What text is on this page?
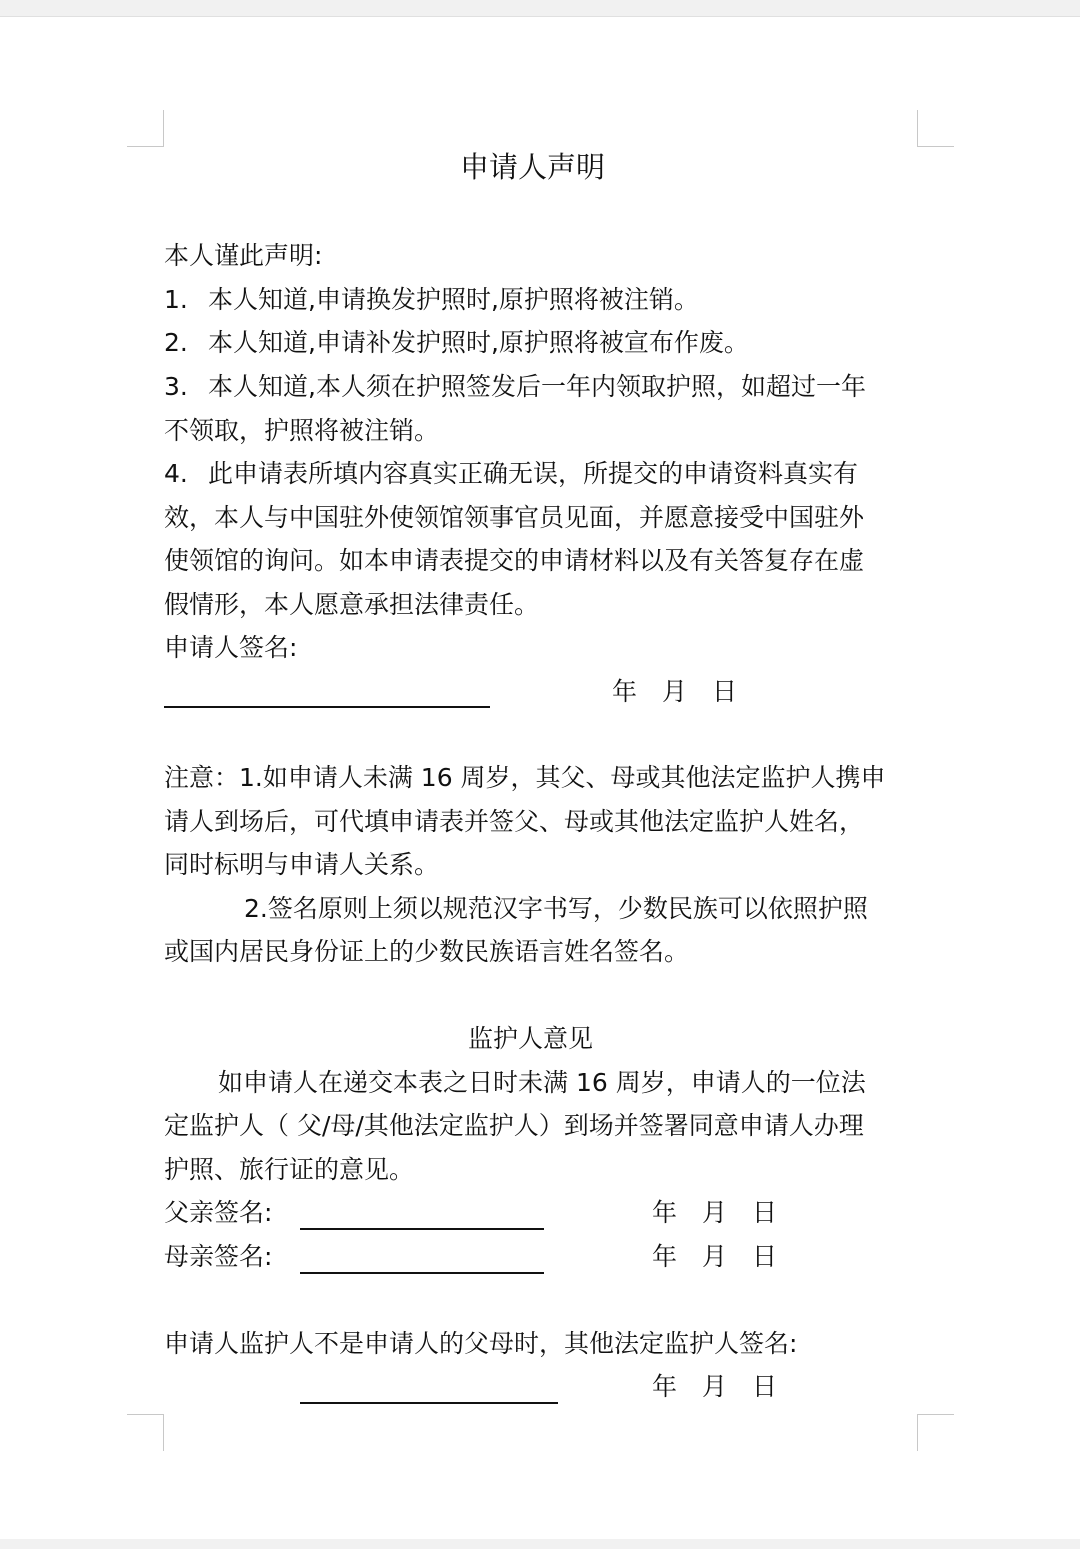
申请人声明
本人谨此声明:
1. 本人知道,申请换发护照时,原护照将被注销。
2. 本人知道,申请补发护照时,原护照将被宣布作废。
3. 本人知道,本人须在护照签发后一年内领取护照，如超过一年
不领取，护照将被注销。
4. 此申请表所填内容真实正确无误，所提交的申请资料真实有
效，本人与中国驻外使领馆领事官员见面，并愿意接受中国驻外
使领馆的询问。如本申请表提交的申请材料以及有关答复存在虚
假情形，本人愿意承担法律责任。
申请人签名:
年　月　日
注意：1.如申请人未满 16 周岁，其父、母或其他法定监护人携申
请人到场后，可代填申请表并签父、母或其他法定监护人姓名，
同时标明与申请人关系。
2.签名原则上须以规范汉字书写，少数民族可以依照护照
或国内居民身份证上的少数民族语言姓名签名。
监护人意见
如申请人在递交本表之日时未满 16 周岁，申请人的一位法
定监护人（ 父/母/其他法定监护人）到场并签署同意申请人办理
护照、旅行证的意见。
父亲签名:	年　月　日
母亲签名:	年　月　日
申请人监护人不是申请人的父母时，其他法定监护人签名:
年　月　日
